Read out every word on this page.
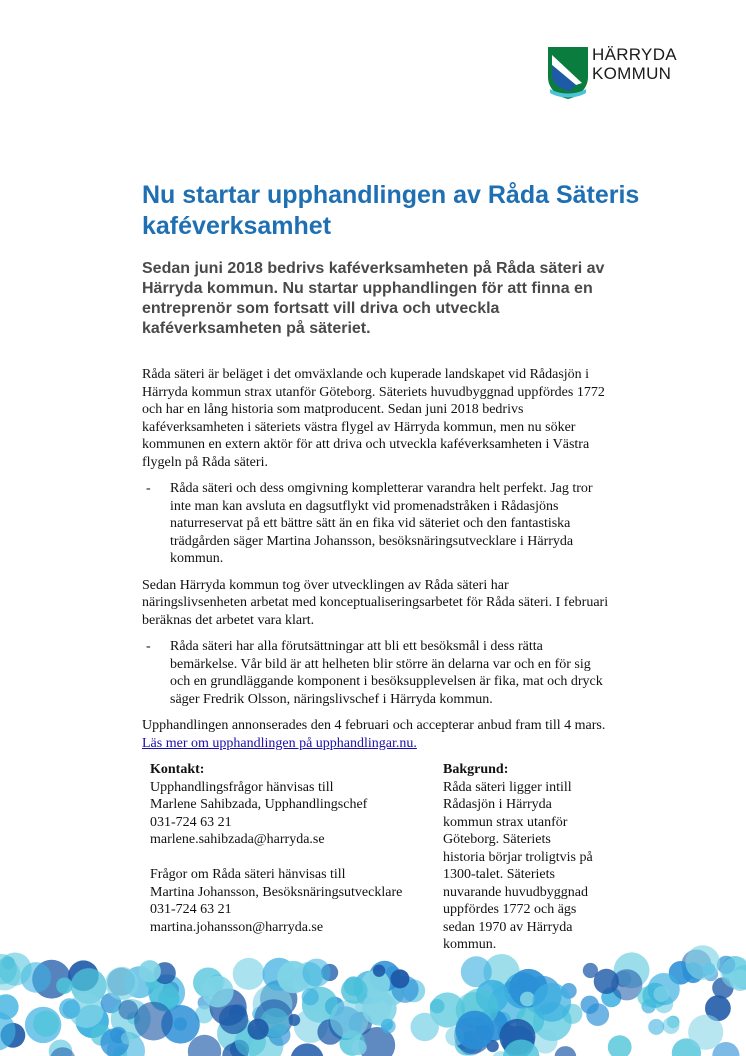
HÄRRYDA
KOMMUN
Nu startar upphandlingen av Råda Säteris kaféverksamhet

Sedan juni 2018 bedrivs kaféverksamheten på Råda säteri av Härryda kommun. Nu startar upphandlingen för att finna en entreprenör som fortsatt vill driva och utveckla kaféverksamheten på säteriet.

Råda säteri är beläget i det omväxlande och kuperade landskapet vid Rådasjön i Härryda kommun strax utanför Göteborg. Säteriets huvudbyggnad uppfördes 1772 och har en lång historia som matproducent. Sedan juni 2018 bedrivs kaféverksamheten i säteriets västra flygel av Härryda kommun, men nu söker kommunen en extern aktör för att driva och utveckla kaféverksamheten i Västra flygeln på Råda säteri.

- Råda säteri och dess omgivning kompletterar varandra helt perfekt. Jag tror inte man kan avsluta en dagsutflykt vid promenadstråken i Rådasjöns naturreservat på ett bättre sätt än en fika vid säteriet och den fantastiska trädgården säger Martina Johansson, besöksnäringsutvecklare i Härryda kommun.

Sedan Härryda kommun tog över utvecklingen av Råda säteri har näringslivsenheten arbetat med konceptualiseringsarbetet för Råda säteri. I februari beräknas det arbetet vara klart.

- Råda säteri har alla förutsättningar att bli ett besöksmål i dess rätta bemärkelse. Vår bild är att helheten blir större än delarna var och en för sig och en grundläggande komponent i besöksupplevelsen är fika, mat och dryck säger Fredrik Olsson, näringslivschef i Härryda kommun.

Upphandlingen annonserades den 4 februari och accepterar anbud fram till 4 mars. Läs mer om upphandlingen på upphandlingar.nu.

Kontakt:
Upphandlingsfrågor hänvisas till
Marlene Sahibzada, Upphandlingschef
031-724 63 21
marlene.sahibzada@harryda.se
Frågor om Råda säteri hänvisas till
Martina Johansson, Besöksnäringsutvecklare
031-724 63 21
martina.johansson@harryda.se
Bakgrund:
Råda säteri ligger intill
Rådasjön i Härryda
kommun strax utanför
Göteborg. Säteriets
historia börjar troligtvis på
1300-talet. Säteriets
nuvarande huvudbyggnad
uppfördes 1772 och ägs
sedan 1970 av Härryda
kommun.
